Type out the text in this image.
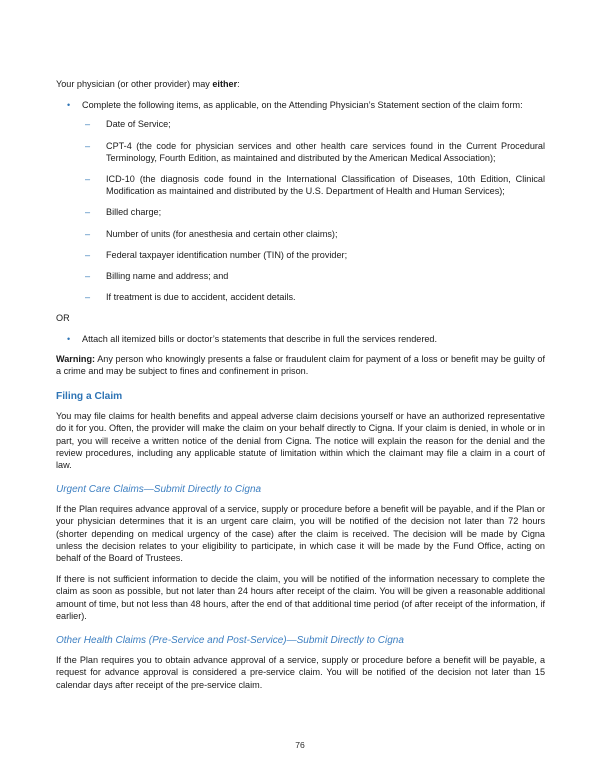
Your physician (or other provider) may either:

• Complete the following items, as applicable, on the Attending Physician’s Statement section of the claim form:
– Date of Service;
– CPT-4 (the code for physician services and other health care services found in the Current Procedural Terminology, Fourth Edition, as maintained and distributed by the American Medical Association);
– ICD-10 (the diagnosis code found in the International Classification of Diseases, 10th Edition, Clinical Modification as maintained and distributed by the U.S. Department of Health and Human Services);
– Billed charge;
– Number of units (for anesthesia and certain other claims);
– Federal taxpayer identification number (TIN) of the provider;
– Billing name and address; and
– If treatment is due to accident, accident details.
OR
• Attach all itemized bills or doctor’s statements that describe in full the services rendered.

Warning: Any person who knowingly presents a false or fraudulent claim for payment of a loss or benefit may be guilty of a crime and may be subject to fines and confinement in prison.

Filing a Claim

You may file claims for health benefits and appeal adverse claim decisions yourself or have an authorized representative do it for you. Often, the provider will make the claim on your behalf directly to Cigna. If your claim is denied, in whole or in part, you will receive a written notice of the denial from Cigna. The notice will explain the reason for the denial and the review procedures, including any applicable statute of limitation within which the claimant may file a claim in a court of law.

Urgent Care Claims—Submit Directly to Cigna

If the Plan requires advance approval of a service, supply or procedure before a benefit will be payable, and if the Plan or your physician determines that it is an urgent care claim, you will be notified of the decision not later than 72 hours (shorter depending on medical urgency of the case) after the claim is received. The decision will be made by Cigna unless the decision relates to your eligibility to participate, in which case it will be made by the Fund Office, acting on behalf of the Board of Trustees.

If there is not sufficient information to decide the claim, you will be notified of the information necessary to complete the claim as soon as possible, but not later than 24 hours after receipt of the claim. You will be given a reasonable additional amount of time, but not less than 48 hours, after the end of that additional time period (of after receipt of the information, if earlier).

Other Health Claims (Pre-Service and Post-Service)—Submit Directly to Cigna

If the Plan requires you to obtain advance approval of a service, supply or procedure before a benefit will be payable, a request for advance approval is considered a pre-service claim. You will be notified of the decision not later than 15 calendar days after receipt of the pre-service claim.

76
